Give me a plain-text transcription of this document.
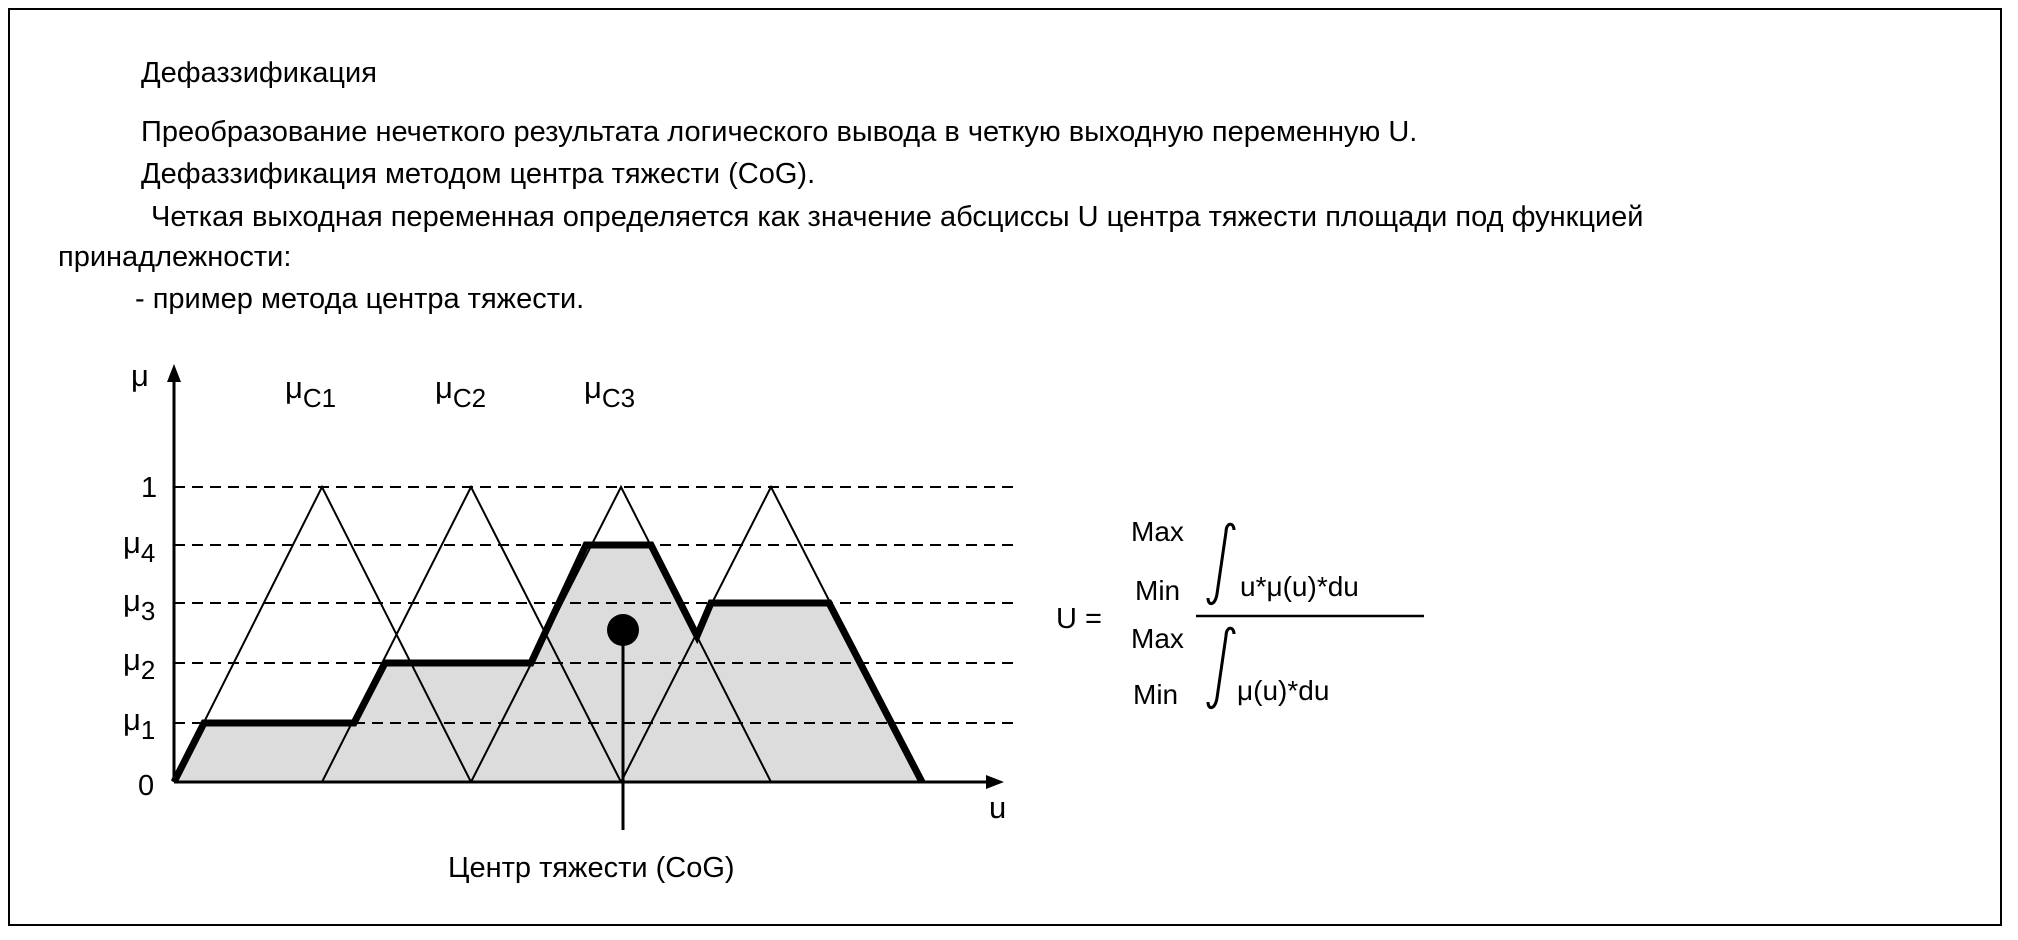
Дефаззификация
Преобразование нечеткого результата логического вывода в четкую выходную переменную U.
Дефаззификация методом центра тяжести (CoG).
Четкая выходная переменная определяется как значение абсциссы U центра тяжести площади под функцией
принадлежности:
- пример метода центра тяжести.
μ
u
$\mu_{C1}$	$\mu_{C2}$	$\mu_{C3}$
1
$\mu_4$
$\mu_3$
$\mu_2$
$\mu_1$
0
Центр тяжести (CoG)
U =
Max
Min u*μ(u)*du
Max
Min μ(u)*du
